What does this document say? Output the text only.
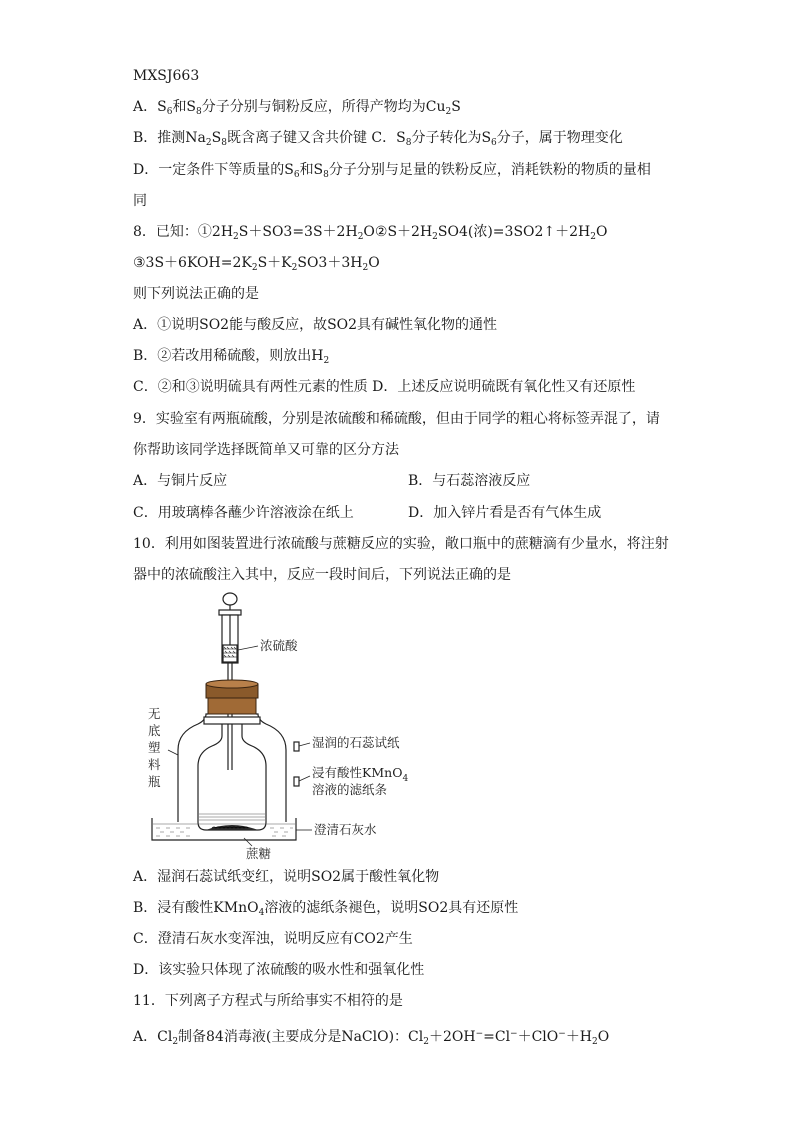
MXSJ663
A．$S_6$和$S_8$分子分别与铜粉反应，所得产物均为$Cu_2S$
B．推测$Na_2S_8$既含离子键又含共价键 C．$S_8$分子转化为$S_6$分子，属于物理变化
D．一定条件下等质量的$S_6$和$S_8$分子分别与足量的铁粉反应，消耗铁粉的物质的量相
同
8．已知：$①2H_2S+SO3=3S+2H_2O②S+2H_2SO4$(浓)$=3SO2↑+2H_2O$
$③3S+6KOH=2K_2S+K_2SO3+3H_2O$
则下列说法正确的是
A．①说明SO2能与酸反应，故SO2具有碱性氧化物的通性
B．②若改用稀硫酸，则放出$H_2$
C．②和③说明硫具有两性元素的性质 D．上述反应说明硫既有氧化性又有还原性
9．实验室有两瓶硫酸，分别是浓硫酸和稀硫酸，但由于同学的粗心将标签弄混了，请
你帮助该同学选择既简单又可靠的区分方法
A．与铜片反应	B．与石蕊溶液反应
C．用玻璃棒各蘸少许溶液涂在纸上	D．加入锌片看是否有气体生成
10．利用如图装置进行浓硫酸与蔗糖反应的实验，敞口瓶中的蔗糖滴有少量水，将注射
器中的浓硫酸注入其中，反应一段时间后，下列说法正确的是
浓硫酸
无
底
塑
料
瓶
湿润的石蕊试纸
浸有酸性KMnO$_4$
溶液的滤纸条
澄清石灰水
蔗糖
A．湿润石蕊试纸变红，说明SO2属于酸性氧化物
B．浸有酸性KMnO$_4$溶液的滤纸条褪色，说明SO2具有还原性
C．澄清石灰水变浑浊，说明反应有CO2产生
D．该实验只体现了浓硫酸的吸水性和强氧化性
11．下列离子方程式与所给事实不相符的是
A．$Cl_2$制备84消毒液(主要成分是NaClO)：$Cl_2+2OH^-=Cl^-+ClO^-+H_2O$
